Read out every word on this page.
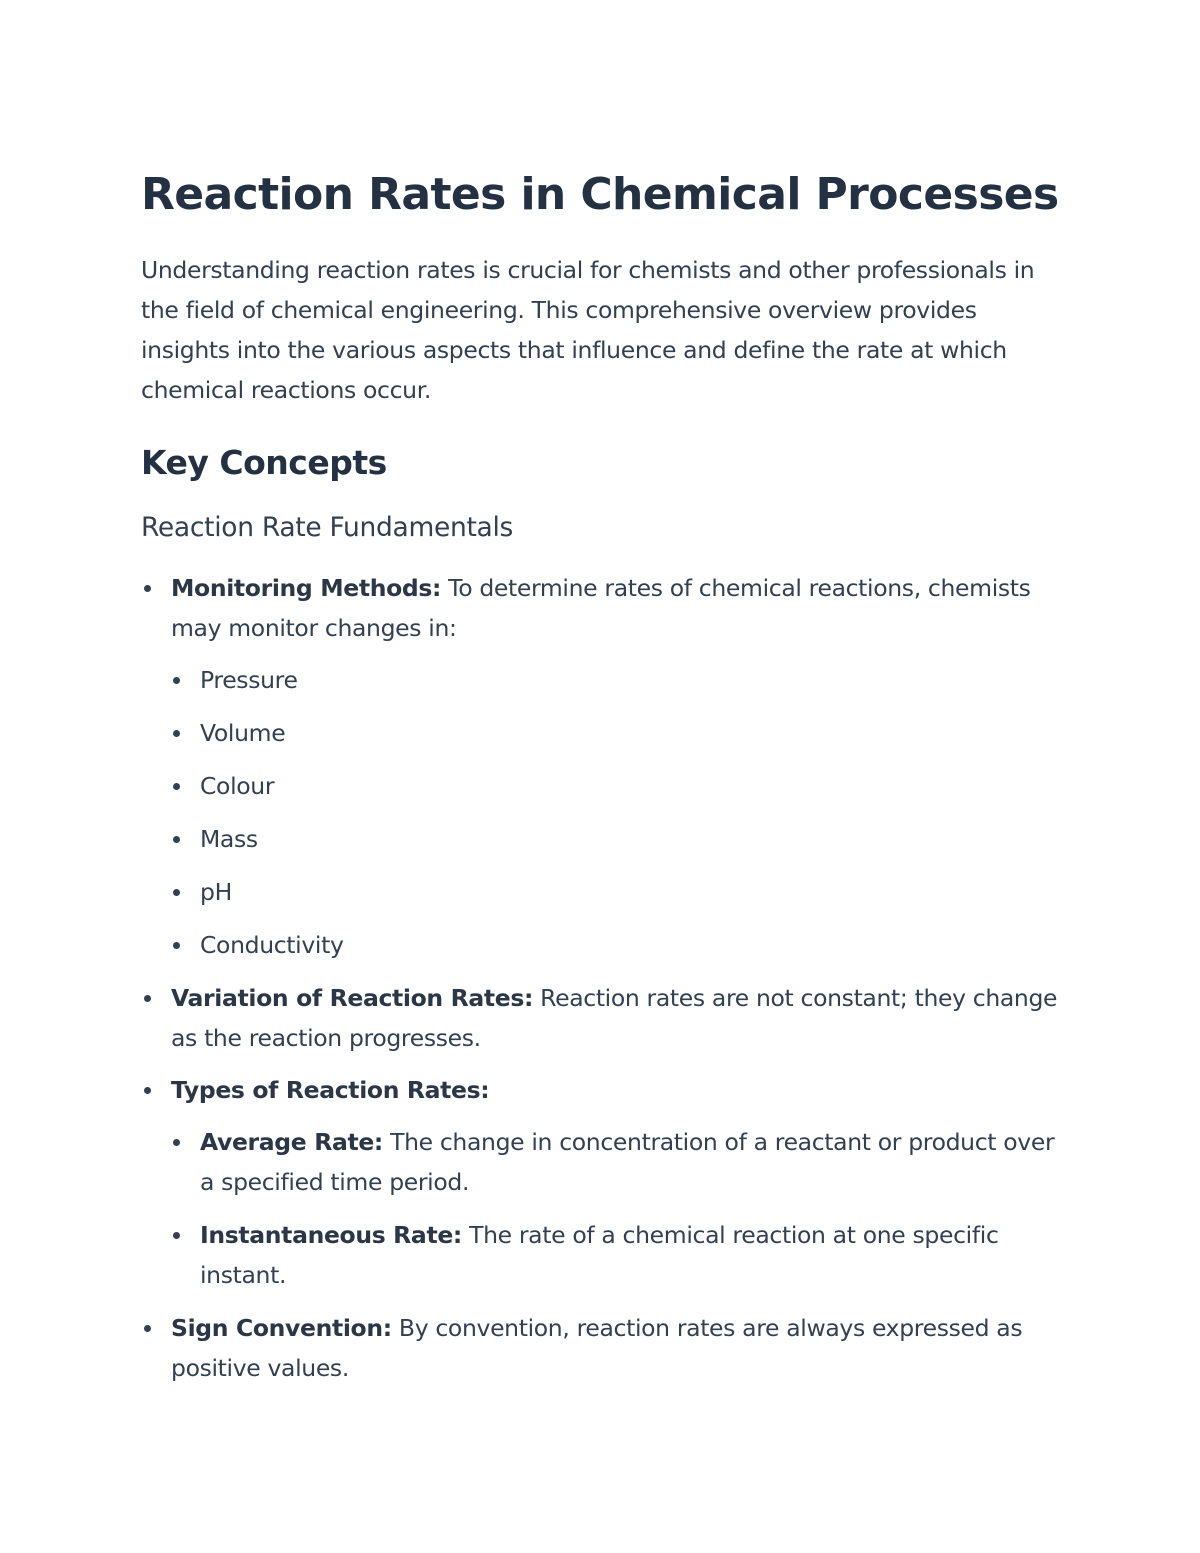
Reaction Rates in Chemical Processes

Understanding reaction rates is crucial for chemists and other professionals in the field of chemical engineering. This comprehensive overview provides insights into the various aspects that influence and define the rate at which chemical reactions occur.

Key Concepts
Reaction Rate Fundamentals
Monitoring Methods: To determine rates of chemical reactions, chemists may monitor changes in:
Pressure
Volume
Colour
Mass
pH
Conductivity
Variation of Reaction Rates: Reaction rates are not constant; they change as the reaction progresses.
Types of Reaction Rates:
Average Rate: The change in concentration of a reactant or product over a specified time period.
Instantaneous Rate: The rate of a chemical reaction at one specific instant.
Sign Convention: By convention, reaction rates are always expressed as positive values.
